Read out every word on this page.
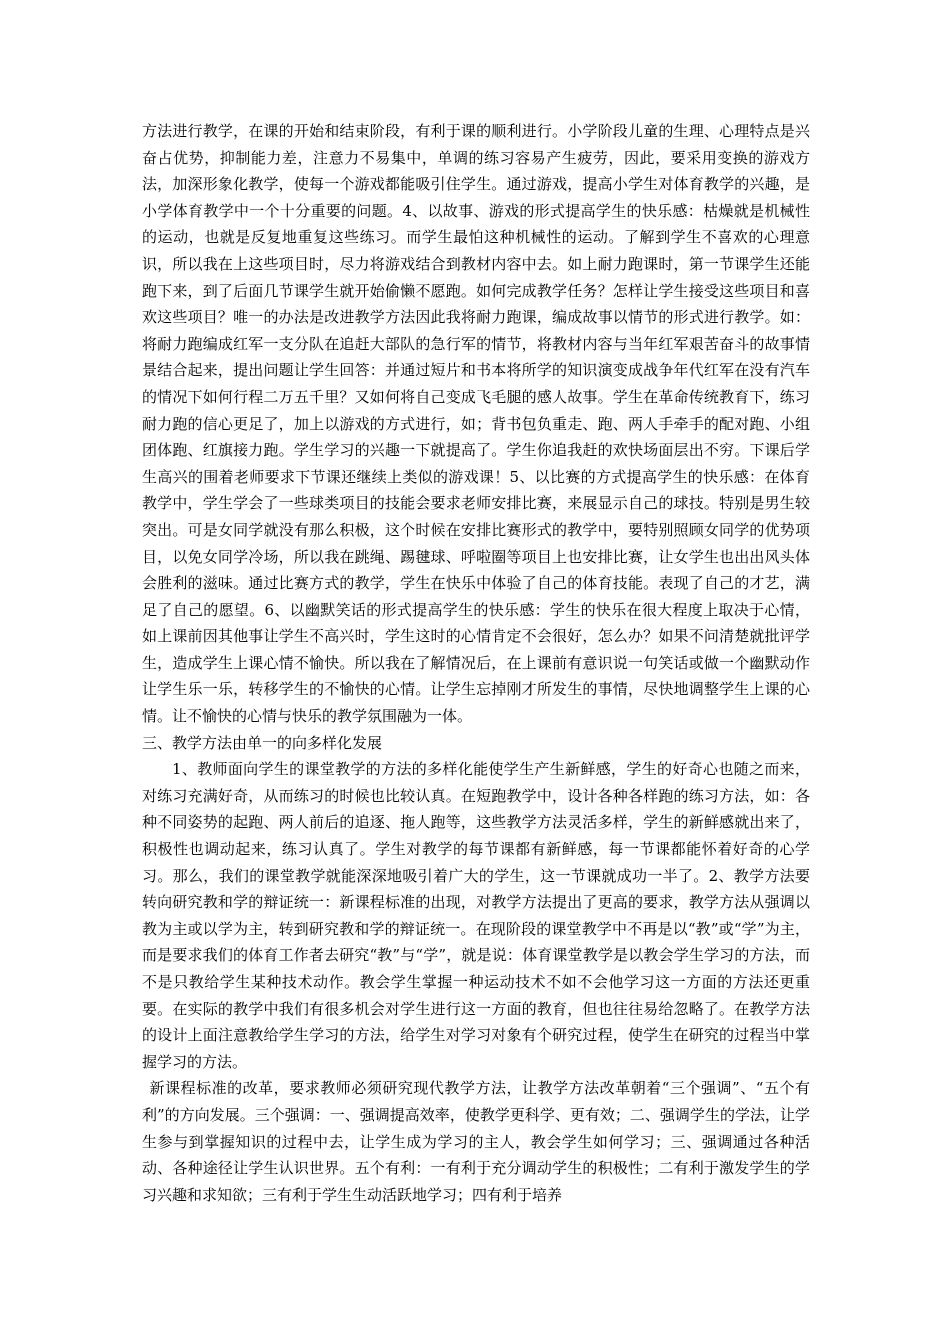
方法进行教学，在课的开始和结束阶段，有利于课的顺利进行。小学阶段儿童的生理、心理特点是兴奋占优势，抑制能力差，注意力不易集中，单调的练习容易产生疲劳，因此，要采用变换的游戏方法，加深形象化教学，使每一个游戏都能吸引住学生。通过游戏，提高小学生对体育教学的兴趣，是小学体育教学中一个十分重要的问题。4、以故事、游戏的形式提高学生的快乐感：枯燥就是机械性的运动，也就是反复地重复这些练习。而学生最怕这种机械性的运动。了解到学生不喜欢的心理意识，所以我在上这些项目时，尽力将游戏结合到教材内容中去。如上耐力跑课时，第一节课学生还能跑下来，到了后面几节课学生就开始偷懒不愿跑。如何完成教学任务？怎样让学生接受这些项目和喜欢这些项目？唯一的办法是改进教学方法因此我将耐力跑课，编成故事以情节的形式进行教学。如：将耐力跑编成红军一支分队在追赶大部队的急行军的情节，将教材内容与当年红军艰苦奋斗的故事情景结合起来，提出问题让学生回答：并通过短片和书本将所学的知识演变成战争年代红军在没有汽车的情况下如何行程二万五千里？又如何将自己变成飞毛腿的感人故事。学生在革命传统教育下，练习耐力跑的信心更足了，加上以游戏的方式进行，如；背书包负重走、跑、两人手牵手的配对跑、小组团体跑、红旗接力跑。学生学习的兴趣一下就提高了。学生你追我赶的欢快场面层出不穷。下课后学生高兴的围着老师要求下节课还继续上类似的游戏课！5、以比赛的方式提高学生的快乐感：在体育教学中，学生学会了一些球类项目的技能会要求老师安排比赛，来展显示自己的球技。特别是男生较突出。可是女同学就没有那么积极，这个时候在安排比赛形式的教学中，要特别照顾女同学的优势项目，以免女同学冷场，所以我在跳绳、踢毽球、呼啦圈等项目上也安排比赛，让女学生也出出风头体会胜利的滋味。通过比赛方式的教学，学生在快乐中体验了自己的体育技能。表现了自己的才艺，满足了自己的愿望。6、以幽默笑话的形式提高学生的快乐感：学生的快乐在很大程度上取决于心情，如上课前因其他事让学生不高兴时，学生这时的心情肯定不会很好，怎么办？如果不问清楚就批评学生，造成学生上课心情不愉快。所以我在了解情况后，在上课前有意识说一句笑话或做一个幽默动作让学生乐一乐，转移学生的不愉快的心情。让学生忘掉刚才所发生的事情，尽快地调整学生上课的心情。让不愉快的心情与快乐的教学氛围融为一体。

三、教学方法由单一的向多样化发展

1、教师面向学生的课堂教学的方法的多样化能使学生产生新鲜感，学生的好奇心也随之而来，对练习充满好奇，从而练习的时候也比较认真。在短跑教学中，设计各种各样跑的练习方法，如：各种不同姿势的起跑、两人前后的追逐、拖人跑等，这些教学方法灵活多样，学生的新鲜感就出来了，积极性也调动起来，练习认真了。学生对教学的每节课都有新鲜感，每一节课都能怀着好奇的心学习。那么，我们的课堂教学就能深深地吸引着广大的学生，这一节课就成功一半了。2、教学方法要转向研究教和学的辩证统一：新课程标准的出现，对教学方法提出了更高的要求，教学方法从强调以教为主或以学为主，转到研究教和学的辩证统一。在现阶段的课堂教学中不再是以“教”或“学”为主，而是要求我们的体育工作者去研究“教”与“学”，就是说：体育课堂教学是以教会学生学习的方法，而不是只教给学生某种技术动作。教会学生掌握一种运动技术不如不会他学习这一方面的方法还更重要。在实际的教学中我们有很多机会对学生进行这一方面的教育，但也往往易给忽略了。在教学方法的设计上面注意教给学生学习的方法，给学生对学习对象有个研究过程，使学生在研究的过程当中掌握学习的方法。

新课程标准的改革，要求教师必须研究现代教学方法，让教学方法改革朝着“三个强调”、“五个有利”的方向发展。三个强调：一、强调提高效率，使教学更科学、更有效；二、强调学生的学法，让学生参与到掌握知识的过程中去，让学生成为学习的主人，教会学生如何学习；三、强调通过各种活动、各种途径让学生认识世界。五个有利：一有利于充分调动学生的积极性；二有利于激发学生的学习兴趣和求知欲；三有利于学生生动活跃地学习；四有利于培养
